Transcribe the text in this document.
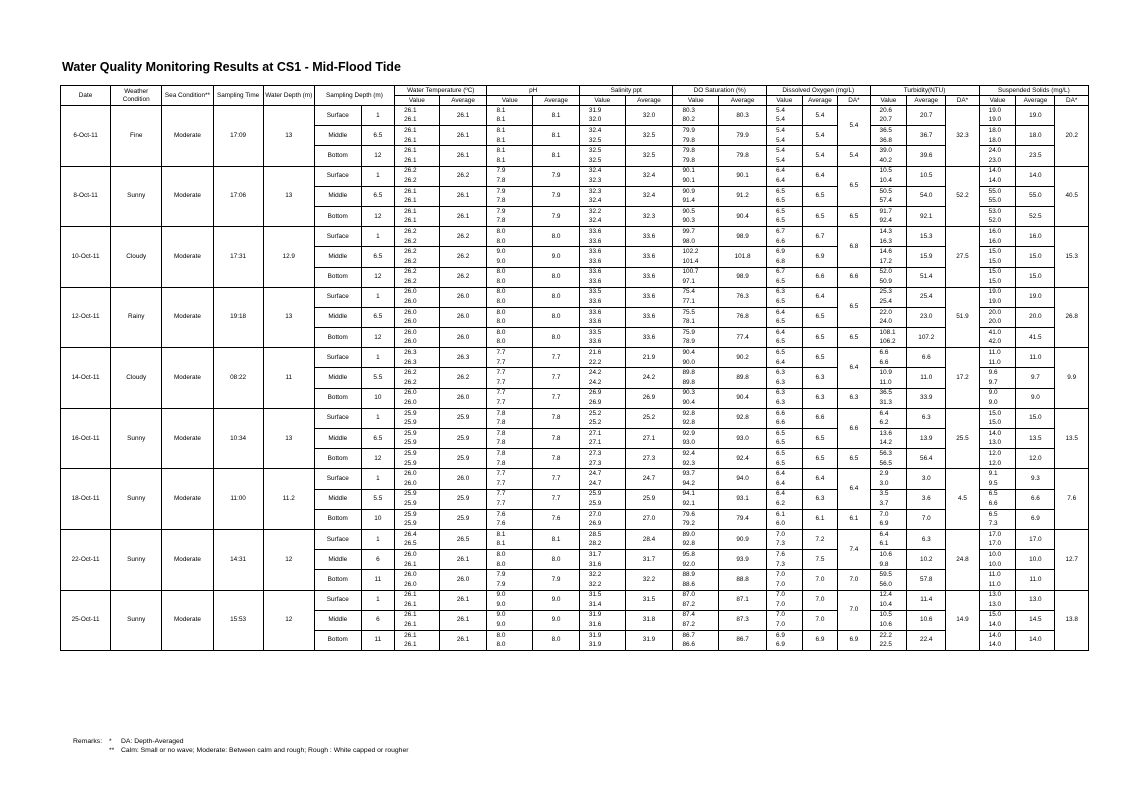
Water Quality Monitoring Results at CS1 - Mid-Flood Tide
Date	Weather Condition	Sea Condition**	Sampling Time	Water Depth (m)	Sampling Depth (m)		Water Temperature (ºC)		pH		Salinity ppt		DO Saturation (%)		Dissolved Oxygen (mg/L)			Turbidity(NTU)			Suspended Solids (mg/L)		
							Value	Average	Value	Average	Value	Average	Value	Average	Value	Average	DA*	Value	Average	DA*	Value	Average	DA*
6-Oct-11	Fine	Moderate	17:09	13	Surface	1	26.1	26.1	8.1	8.1	31.9	32.0	80.3	80.3	5.4	5.4	5.4	20.6	20.7	32.3	19.0	19.0	20.2
							26.1		8.1		32.0		80.2		5.4			20.7			19.0		
					Middle	6.5	26.1	26.1	8.1	8.1	32.4	32.5	79.9	79.9	5.4	5.4		36.5	36.7		18.0	18.0	
							26.1		8.1		32.5		79.8		5.4			36.8			18.0		
					Bottom	12	26.1	26.1	8.1	8.1	32.5	32.5	79.8	79.8	5.4	5.4	5.4	39.0	39.6		24.0	23.5	
							26.1		8.1		32.5		79.8		5.4			40.2			23.0		
8-Oct-11	Sunny	Moderate	17:06	13	Surface	1	26.2	26.2	7.9	7.9	32.4	32.4	90.1	90.1	6.4	6.4	6.5	10.5	10.5	52.2	14.0	14.0	40.5
							26.2		7.8		32.3		90.1		6.4			10.4			14.0		
					Middle	6.5	26.1	26.1	7.9	7.9	32.3	32.4	90.9	91.2	6.5	6.5		50.5	54.0		55.0	55.0	
							26.1		7.8		32.4		91.4		6.5			57.4			55.0		
					Bottom	12	26.1	26.1	7.9	7.9	32.2	32.3	90.5	90.4	6.5	6.5	6.5	91.7	92.1		53.0	52.5	
							26.1		7.8		32.4		90.3		6.5			92.4			52.0		
10-Oct-11	Cloudy	Moderate	17:31	12.9	Surface	1	26.2	26.2	8.0	8.0	33.6	33.6	99.7	98.9	6.7	6.7	6.8	14.3	15.3	27.5	16.0	16.0	15.3
							26.2		8.0		33.6		98.0		6.6			16.3			16.0		
					Middle	6.5	26.2	26.2	9.0	9.0	33.6	33.6	102.2	101.8	6.9	6.9		14.6	15.9		15.0	15.0	
							26.2		9.0		33.6		101.4		6.8			17.2			15.0		
					Bottom	12	26.2	26.2	8.0	8.0	33.6	33.6	100.7	98.9	6.7	6.6	6.6	52.0	51.4		15.0	15.0	
							26.2		8.0		33.6		97.1		6.5			50.9			15.0		
12-Oct-11	Rainy	Moderate	19:18	13	Surface	1	26.0	26.0	8.0	8.0	33.5	33.6	75.4	76.3	6.3	6.4	6.5	25.3	25.4	51.9	19.0	19.0	26.8
							26.0		8.0		33.6		77.1		6.5			25.4			19.0		
					Middle	6.5	26.0	26.0	8.0	8.0	33.6	33.6	75.5	76.8	6.4	6.5		22.0	23.0		20.0	20.0	
							26.0		8.0		33.6		78.1		6.5			24.0			20.0		
					Bottom	12	26.0	26.0	8.0	8.0	33.5	33.6	75.9	77.4	6.4	6.5	6.5	108.1	107.2		41.0	41.5	
							26.0		8.0		33.6		78.9		6.5			106.2			42.0		
14-Oct-11	Cloudy	Moderate	08:22	11	Surface	1	26.3	26.3	7.7	7.7	21.6	21.9	90.4	90.2	6.5	6.5	6.4	6.6	6.6	17.2	11.0	11.0	9.9
							26.3		7.7		22.2		90.0		6.4			6.6			11.0		
					Middle	5.5	26.2	26.2	7.7	7.7	24.2	24.2	89.8	89.8	6.3	6.3		10.9	11.0		9.6	9.7	
							26.2		7.7		24.2		89.8		6.3			11.0			9.7		
					Bottom	10	26.0	26.0	7.7	7.7	26.9	26.9	90.3	90.4	6.3	6.3	6.3	36.5	33.9		9.0	9.0	
							26.0		7.7		26.9		90.4		6.3			31.3			9.0		
16-Oct-11	Sunny	Moderate	10:34	13	Surface	1	25.9	25.9	7.8	7.8	25.2	25.2	92.8	92.8	6.6	6.6	6.6	6.4	6.3	25.5	15.0	15.0	13.5
							25.9		7.8		25.2		92.8		6.6			6.2			15.0		
					Middle	6.5	25.9	25.9	7.8	7.8	27.1	27.1	92.9	93.0	6.5	6.5		13.6	13.9		14.0	13.5	
							25.9		7.8		27.1		93.0		6.5			14.2			13.0		
					Bottom	12	25.9	25.9	7.8	7.8	27.3	27.3	92.4	92.4	6.5	6.5	6.5	56.3	56.4		12.0	12.0	
							25.9		7.8		27.3		92.3		6.5			56.5			12.0		
18-Oct-11	Sunny	Moderate	11:00	11.2	Surface	1	26.0	26.0	7.7	7.7	24.7	24.7	93.7	94.0	6.4	6.4	6.4	2.9	3.0	4.5	9.1	9.3	7.6
							26.0		7.7		24.7		94.2		6.4			3.0			9.5		
					Middle	5.5	25.9	25.9	7.7	7.7	25.9	25.9	94.1	93.1	6.4	6.3		3.5	3.6		6.5	6.6	
							25.9		7.7		25.9		92.1		6.2			3.7			6.6		
					Bottom	10	25.9	25.9	7.6	7.6	27.0	27.0	79.6	79.4	6.1	6.1	6.1	7.0	7.0		6.5	6.9	
							25.9		7.6		26.9		79.2		6.0			6.9			7.3		
22-Oct-11	Sunny	Moderate	14:31	12	Surface	1	26.4	26.5	8.1	8.1	28.5	28.4	89.0	90.9	7.0	7.2	7.4	6.4	6.3	24.8	17.0	17.0	12.7
							26.5		8.1		28.2		92.8		7.3			6.1			17.0		
					Middle	6	26.0	26.1	8.0	8.0	31.7	31.7	95.8	93.9	7.6	7.5		10.6	10.2		10.0	10.0	
							26.1		8.0		31.6		92.0		7.3			9.8			10.0		
					Bottom	11	26.0	26.0	7.9	7.9	32.2	32.2	88.9	88.8	7.0	7.0	7.0	59.5	57.8		11.0	11.0	
							26.0		7.9		32.2		88.6		7.0			56.0			11.0		
25-Oct-11	Sunny	Moderate	15:53	12	Surface	1	26.1	26.1	9.0	9.0	31.5	31.5	87.0	87.1	7.0	7.0	7.0	12.4	11.4	14.9	13.0	13.0	13.8
							26.1		9.0		31.4		87.2		7.0			10.4			13.0		
					Middle	6	26.1	26.1	9.0	9.0	31.9	31.8	87.4	87.3	7.0	7.0		10.5	10.6		15.0	14.5	
							26.1		9.0		31.6		87.2		7.0			10.6			14.0		
					Bottom	11	26.1	26.1	8.0	8.0	31.9	31.9	86.7	86.7	6.9	6.9	6.9	22.2	22.4		14.0	14.0	
							26.1		8.0		31.9		86.6		6.9			22.5			14.0		
Remarks: * DA: Depth-Averaged
** Calm: Small or no wave; Moderate: Between calm and rough; Rough : White capped or rougher
